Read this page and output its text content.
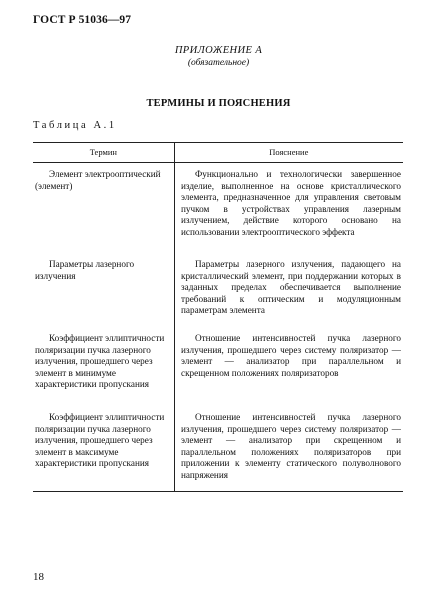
ГОСТ Р 51036—97
ПРИЛОЖЕНИЕ А
(обязательное)
ТЕРМИНЫ И ПОЯСНЕНИЯ
Таблица А.1
Термин	Пояснение
Элемент электрооптический (элемент)
Функционально и технологически завершенное изделие, выполненное на основе кристаллического элемента, предназначенное для управления световым пучком в устройствах управления лазерным излучением, действие которого основано на использовании электрооптического эффекта
Параметры лазерного излучения
Параметры лазерного излучения, падающего на кристаллический элемент, при поддержании которых в заданных пределах обеспечивается выполнение требований к оптическим и модуляционным параметрам элемента
Коэффициент эллиптичности поляризации пучка лазерного излучения, прошедшего через элемент в минимуме характеристики пропускания
Отношение интенсивностей пучка лазерного излучения, прошедшего через систему поляризатор — элемент — анализатор при параллельном и скрещенном положениях поляризаторов
Коэффициент эллиптичности поляризации пучка лазерного излучения, прошедшего через элемент в максимуме характеристики пропускания
Отношение интенсивностей пучка лазерного излучения, прошедшего через систему поляризатор — элемент — анализатор при скрещенном и параллельном положениях поляризаторов при приложении к элементу статического полуволнового напряжения
18
